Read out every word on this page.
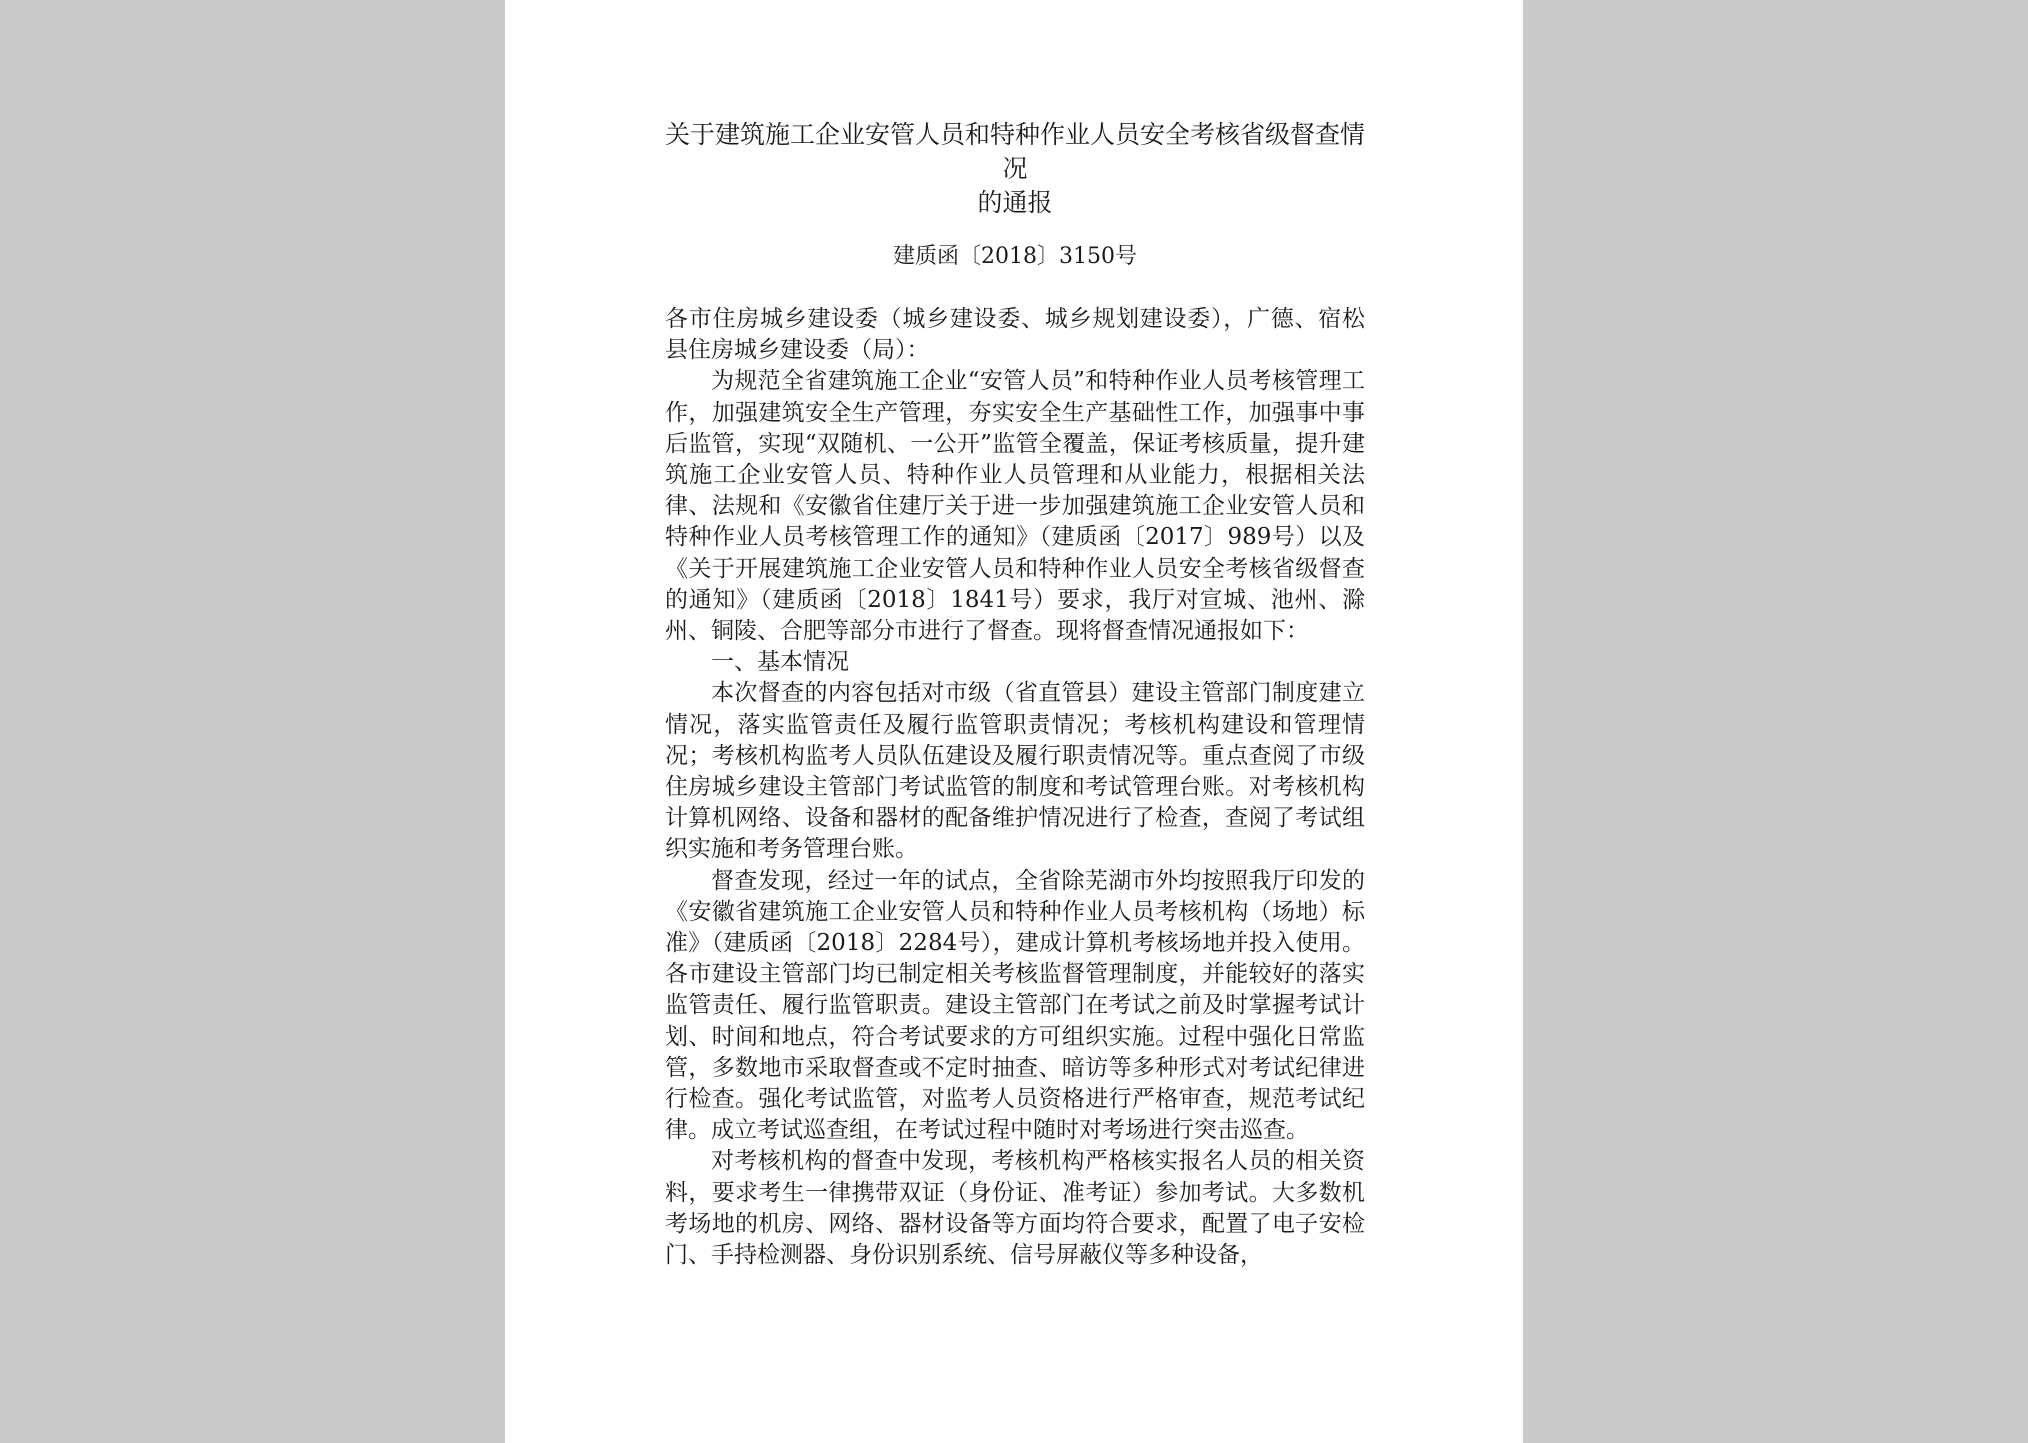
关于建筑施工企业安管人员和特种作业人员安全考核省级督查情况
的通报

建质函〔2018〕3150号

各市住房城乡建设委（城乡建设委、城乡规划建设委），广德、宿松县住房城乡建设委（局）：

为规范全省建筑施工企业“安管人员”和特种作业人员考核管理工作，加强建筑安全生产管理，夯实安全生产基础性工作，加强事中事后监管，实现“双随机、一公开”监管全覆盖，保证考核质量，提升建筑施工企业安管人员、特种作业人员管理和从业能力，根据相关法律、法规和《安徽省住建厅关于进一步加强建筑施工企业安管人员和特种作业人员考核管理工作的通知》（建质函〔2017〕989号）以及《关于开展建筑施工企业安管人员和特种作业人员安全考核省级督查的通知》（建质函〔2018〕1841号）要求，我厅对宣城、池州、滁州、铜陵、合肥等部分市进行了督查。现将督查情况通报如下：

一、基本情况

本次督查的内容包括对市级（省直管县）建设主管部门制度建立情况，落实监管责任及履行监管职责情况；考核机构建设和管理情况；考核机构监考人员队伍建设及履行职责情况等。重点查阅了市级住房城乡建设主管部门考试监管的制度和考试管理台账。对考核机构计算机网络、设备和器材的配备维护情况进行了检查，查阅了考试组织实施和考务管理台账。

督查发现，经过一年的试点，全省除芜湖市外均按照我厅印发的《安徽省建筑施工企业安管人员和特种作业人员考核机构（场地）标准》（建质函〔2018〕2284号），建成计算机考核场地并投入使用。各市建设主管部门均已制定相关考核监督管理制度，并能较好的落实监管责任、履行监管职责。建设主管部门在考试之前及时掌握考试计划、时间和地点，符合考试要求的方可组织实施。过程中强化日常监管，多数地市采取督查或不定时抽查、暗访等多种形式对考试纪律进行检查。强化考试监管，对监考人员资格进行严格审查，规范考试纪律。成立考试巡查组，在考试过程中随时对考场进行突击巡查。

对考核机构的督查中发现，考核机构严格核实报名人员的相关资料，要求考生一律携带双证（身份证、准考证）参加考试。大多数机考场地的机房、网络、器材设备等方面均符合要求，配置了电子安检门、手持检测器、身份识别系统、信号屏蔽仪等多种设备，
